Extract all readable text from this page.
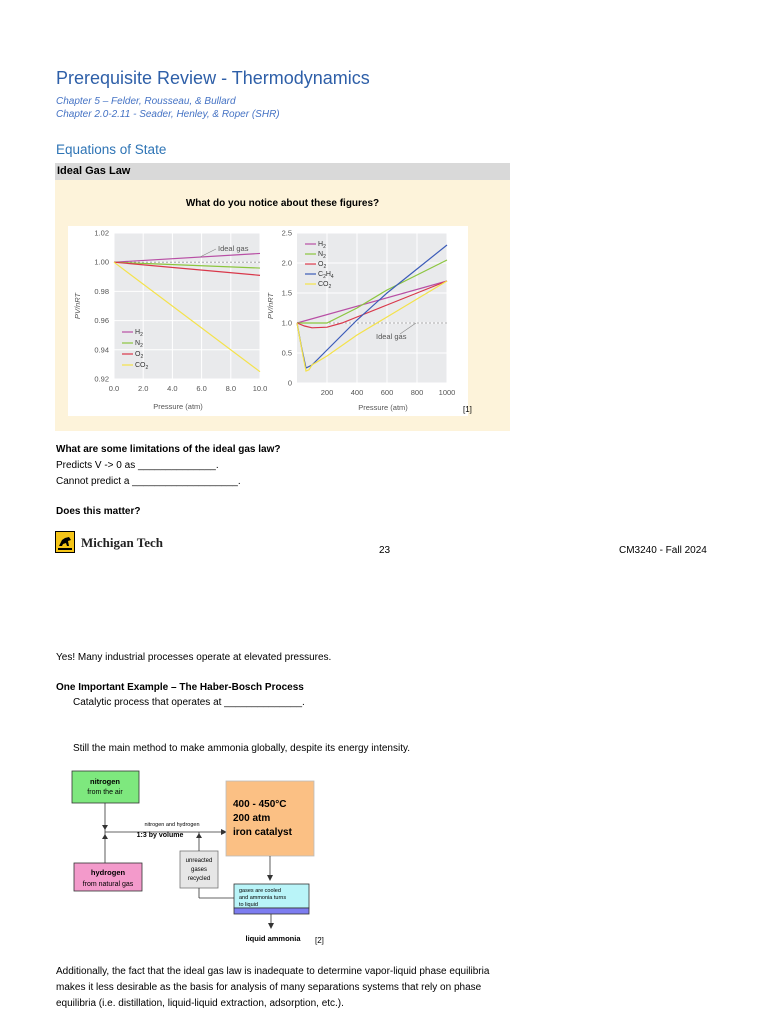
Prerequisite Review - Thermodynamics
Chapter 5 – Felder, Rousseau, & Bullard
Chapter 2.0-2.11 - Seader, Henley, & Roper (SHR)
Equations of State
Ideal Gas Law
What do you notice about these figures?
1.02
1.00
0.98
0.96
0.94
0.92
0.0	2.0	4.0	6.0	8.0 10.0
Pressure (atm)
PV/nRT
Ideal gas
$H_2$
$N_2$
$O_2$
$CO_2$
2.5
2.0
1.5
1.0
0.5
0
200 400 600 800 1000
Pressure (atm)
PV/nRT
Ideal gas
$H_2$
$N_2$
$O_2$
$C_2H_4$
$CO_2$
[1]
What are some limitations of the ideal gas law?
Predicts V -> 0 as ______________.
Cannot predict a ___________________.
Does this matter?
Michigan Tech
23	CM3240 - Fall 2024
Yes! Many industrial processes operate at elevated pressures.
One Important Example – The Haber-Bosch Process
Catalytic process that operates at ______________.
Still the main method to make ammonia globally, despite its energy intensity.
nitrogen
from the air
hydrogen
from natural gas
nitrogen and hydrogen
1:3 by volume
400 - 450°C
200 atm
iron catalyst
unreacted
gases
recycled
gases are cooled
and ammonia turns
to liquid
liquid ammonia [2]
Additionally, the fact that the ideal gas law is inadequate to determine vapor-liquid phase equilibria makes it less desirable as the basis for analysis of many separations systems that rely on phase equilibria (i.e. distillation, liquid-liquid extraction, adsorption, etc.).
